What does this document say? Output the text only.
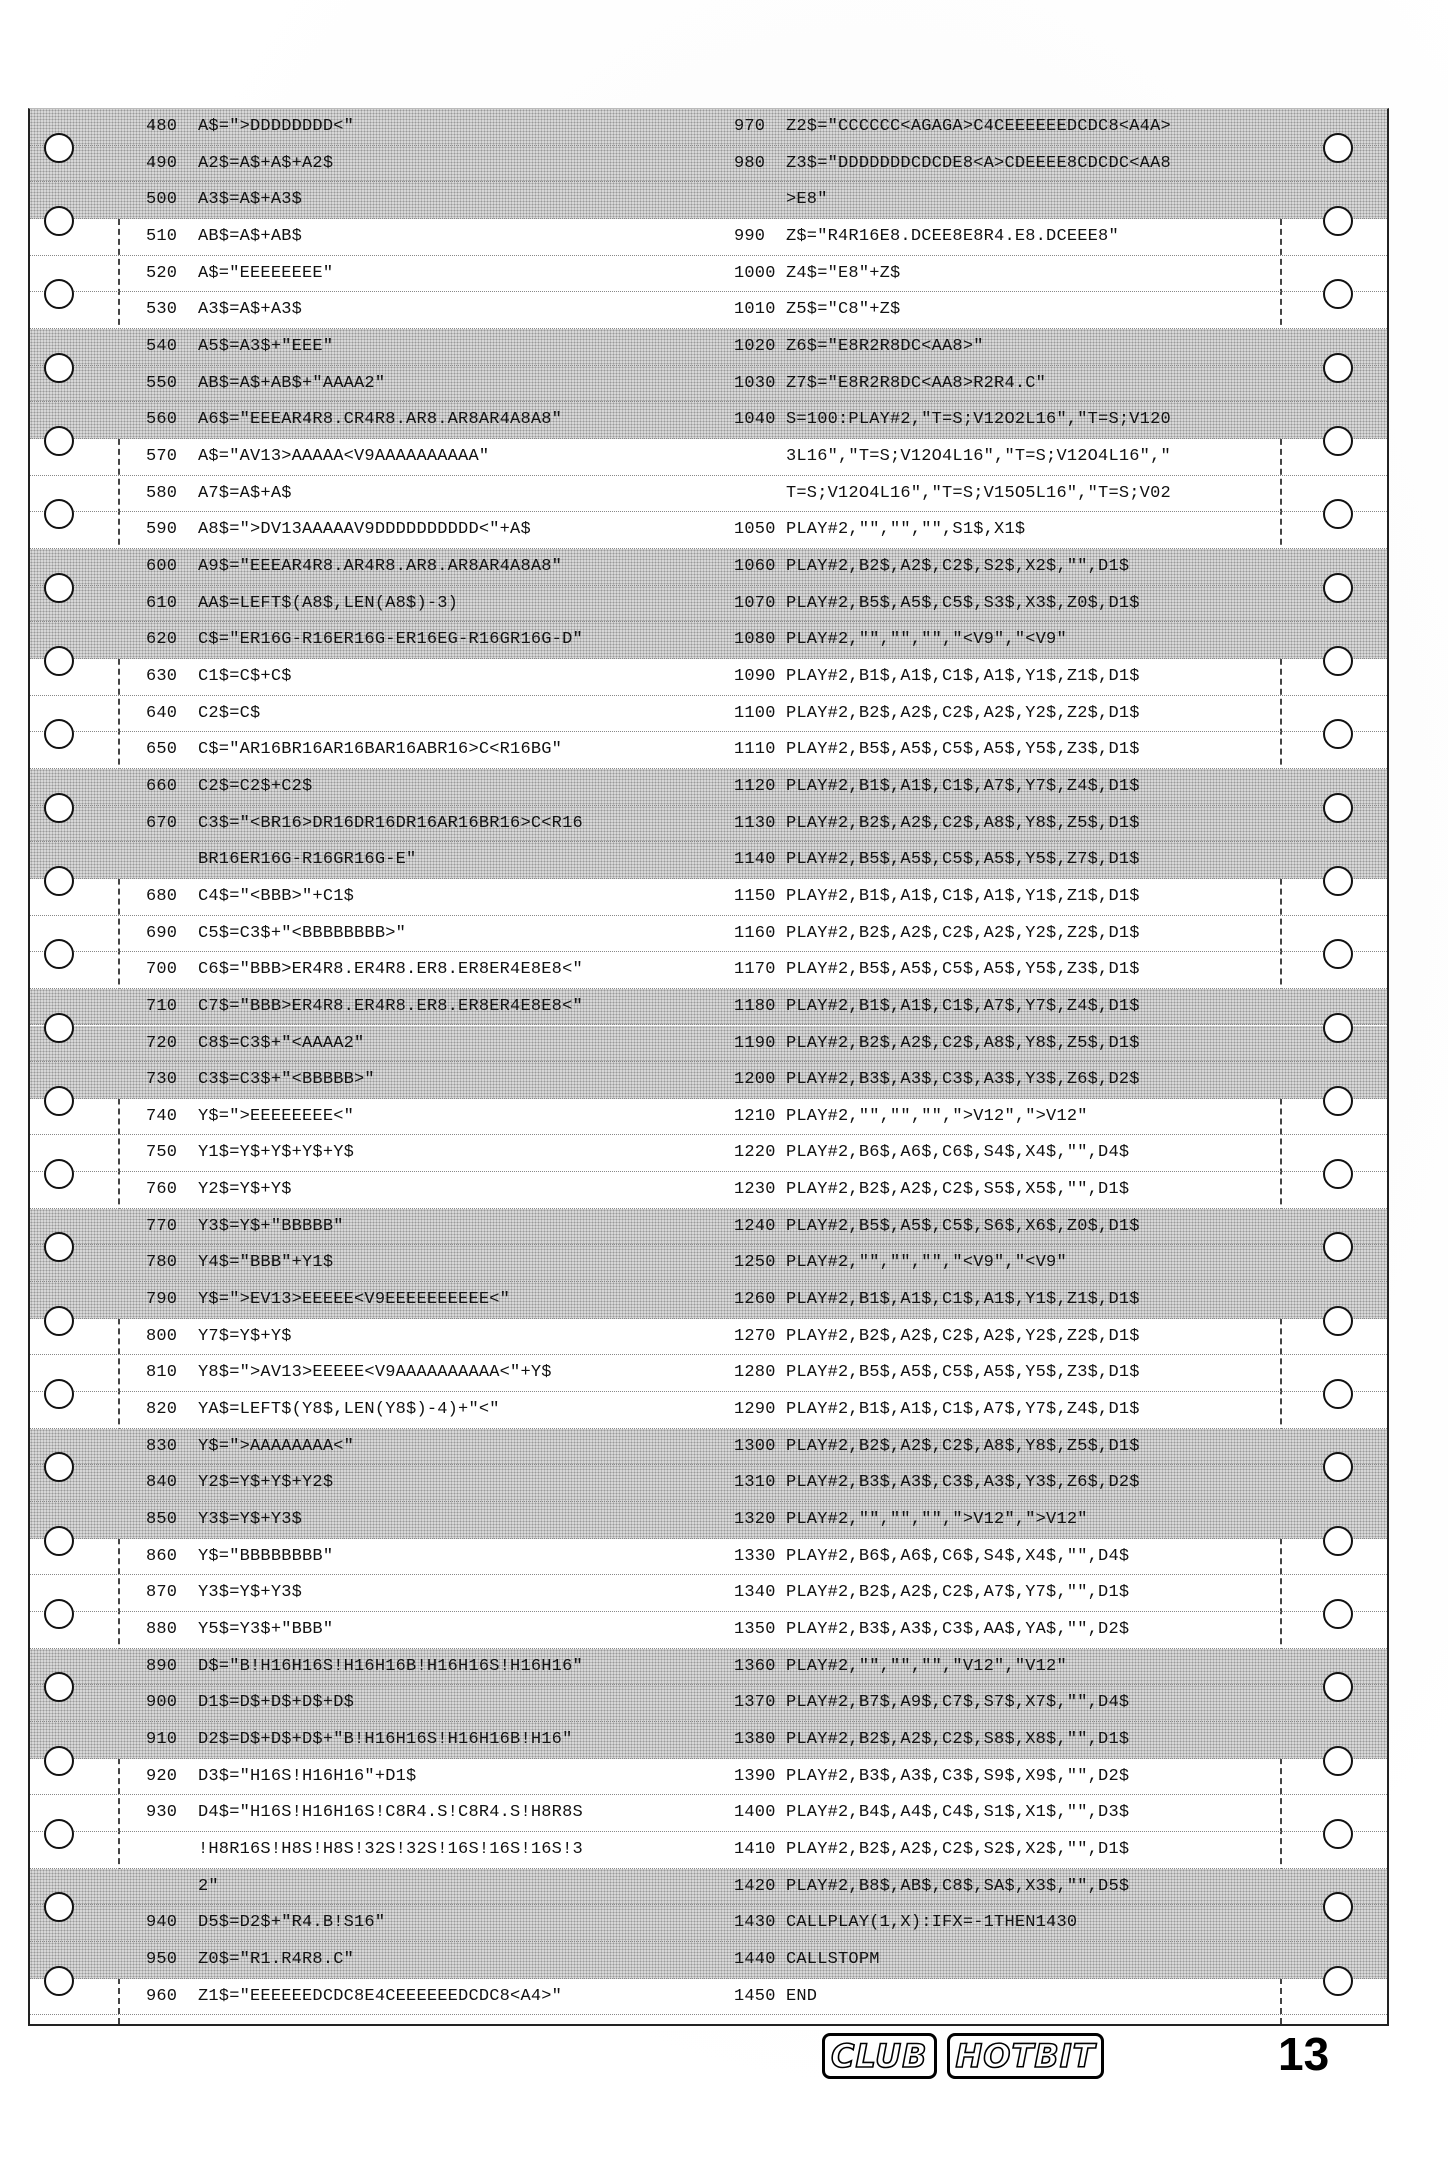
480  A$=">DDDDDDDD<"
490  A2$=A$+A$+A2$
500  A3$=A$+A3$
510  AB$=A$+AB$
520  A$="EEEEEEEE"
530  A3$=A$+A3$
540  A5$=A3$+"EEE"
550  AB$=A$+AB$+"AAAA2"
560  A6$="EEEAR4R8.CR4R8.AR8.AR8AR4A8A8"
570  A$="AV13>AAAAA<V9AAAAAAAAAA"
580  A7$=A$+A$
590  A8$=">DV13AAAAAV9DDDDDDDDDD<"+A$
600  A9$="EEEAR4R8.AR4R8.AR8.AR8AR4A8A8"
610  AA$=LEFT$(A8$,LEN(A8$)-3)
620  C$="ER16G-R16ER16G-ER16EG-R16GR16G-D"
630  C1$=C$+C$
640  C2$=C$
650  C$="AR16BR16AR16BAR16ABR16>C<R16BG"
660  C2$=C2$+C2$
670  C3$="<BR16>DR16DR16DR16AR16BR16>C<R16
BR16ER16G-R16GR16G-E"
680  C4$="<BBB>"+C1$
690  C5$=C3$+"<BBBBBBBB>"
700  C6$="BBB>ER4R8.ER4R8.ER8.ER8ER4E8E8<"
710  C7$="BBB>ER4R8.ER4R8.ER8.ER8ER4E8E8<"
720  C8$=C3$+"<AAAA2"
730  C3$=C3$+"<BBBBB>"
740  Y$=">EEEEEEEE<"
750  Y1$=Y$+Y$+Y$+Y$
760  Y2$=Y$+Y$
770  Y3$=Y$+"BBBBB"
780  Y4$="BBB"+Y1$
790  Y$=">EV13>EEEEE<V9EEEEEEEEEE<"
800  Y7$=Y$+Y$
810  Y8$=">AV13>EEEEE<V9AAAAAAAAAA<"+Y$
820  YA$=LEFT$(Y8$,LEN(Y8$)-4)+"<"
830  Y$=">AAAAAAAA<"
840  Y2$=Y$+Y$+Y2$
850  Y3$=Y$+Y3$
860  Y$="BBBBBBBB"
870  Y3$=Y$+Y3$
880  Y5$=Y3$+"BBB"
890  D$="B!H16H16S!H16H16B!H16H16S!H16H16"
900  D1$=D$+D$+D$+D$
910  D2$=D$+D$+D$+"B!H16H16S!H16H16B!H16"
920  D3$="H16S!H16H16"+D1$
930  D4$="H16S!H16H16S!C8R4.S!C8R4.S!H8R8S
!H8R16S!H8S!H8S!32S!32S!16S!16S!16S!3
2"
940  D5$=D2$+"R4.B!S16"
950  Z0$="R1.R4R8.C"
960  Z1$="EEEEEEDCDC8E4CEEEEEEDCDC8<A4>"
970  Z2$="CCCCCC<AGAGA>C4CEEEEEEDCDC8<A4A>
980  Z3$="DDDDDDDCDCDE8<A>CDEEEE8CDCDC<AA8
>E8"
990  Z$="R4R16E8.DCEE8E8R4.E8.DCEEE8"
1000 Z4$="E8"+Z$
1010 Z5$="C8"+Z$
1020 Z6$="E8R2R8DC<AA8>"
1030 Z7$="E8R2R8DC<AA8>R2R4.C"
1040 S=100:PLAY#2,"T=S;V12O2L16","T=S;V120
3L16","T=S;V12O4L16","T=S;V12O4L16","
T=S;V12O4L16","T=S;V15O5L16","T=S;V02
1050 PLAY#2,"","","",S1$,X1$
1060 PLAY#2,B2$,A2$,C2$,S2$,X2$,"",D1$
1070 PLAY#2,B5$,A5$,C5$,S3$,X3$,Z0$,D1$
1080 PLAY#2,"","","","<V9","<V9"
1090 PLAY#2,B1$,A1$,C1$,A1$,Y1$,Z1$,D1$
1100 PLAY#2,B2$,A2$,C2$,A2$,Y2$,Z2$,D1$
1110 PLAY#2,B5$,A5$,C5$,A5$,Y5$,Z3$,D1$
1120 PLAY#2,B1$,A1$,C1$,A7$,Y7$,Z4$,D1$
1130 PLAY#2,B2$,A2$,C2$,A8$,Y8$,Z5$,D1$
1140 PLAY#2,B5$,A5$,C5$,A5$,Y5$,Z7$,D1$
1150 PLAY#2,B1$,A1$,C1$,A1$,Y1$,Z1$,D1$
1160 PLAY#2,B2$,A2$,C2$,A2$,Y2$,Z2$,D1$
1170 PLAY#2,B5$,A5$,C5$,A5$,Y5$,Z3$,D1$
1180 PLAY#2,B1$,A1$,C1$,A7$,Y7$,Z4$,D1$
1190 PLAY#2,B2$,A2$,C2$,A8$,Y8$,Z5$,D1$
1200 PLAY#2,B3$,A3$,C3$,A3$,Y3$,Z6$,D2$
1210 PLAY#2,"","","",">V12",">V12"
1220 PLAY#2,B6$,A6$,C6$,S4$,X4$,"",D4$
1230 PLAY#2,B2$,A2$,C2$,S5$,X5$,"",D1$
1240 PLAY#2,B5$,A5$,C5$,S6$,X6$,Z0$,D1$
1250 PLAY#2,"","","","<V9","<V9"
1260 PLAY#2,B1$,A1$,C1$,A1$,Y1$,Z1$,D1$
1270 PLAY#2,B2$,A2$,C2$,A2$,Y2$,Z2$,D1$
1280 PLAY#2,B5$,A5$,C5$,A5$,Y5$,Z3$,D1$
1290 PLAY#2,B1$,A1$,C1$,A7$,Y7$,Z4$,D1$
1300 PLAY#2,B2$,A2$,C2$,A8$,Y8$,Z5$,D1$
1310 PLAY#2,B3$,A3$,C3$,A3$,Y3$,Z6$,D2$
1320 PLAY#2,"","","",">V12",">V12"
1330 PLAY#2,B6$,A6$,C6$,S4$,X4$,"",D4$
1340 PLAY#2,B2$,A2$,C2$,A7$,Y7$,"",D1$
1350 PLAY#2,B3$,A3$,C3$,AA$,YA$,"",D2$
1360 PLAY#2,"","","","V12","V12"
1370 PLAY#2,B7$,A9$,C7$,S7$,X7$,"",D4$
1380 PLAY#2,B2$,A2$,C2$,S8$,X8$,"",D1$
1390 PLAY#2,B3$,A3$,C3$,S9$,X9$,"",D2$
1400 PLAY#2,B4$,A4$,C4$,S1$,X1$,"",D3$
1410 PLAY#2,B2$,A2$,C2$,S2$,X2$,"",D1$
1420 PLAY#2,B8$,AB$,C8$,SA$,X3$,"",D5$
1430 CALLPLAY(1,X):IFX=-1THEN1430
1440 CALLSTOPM
1450 END
CLUB HOTBIT	13
